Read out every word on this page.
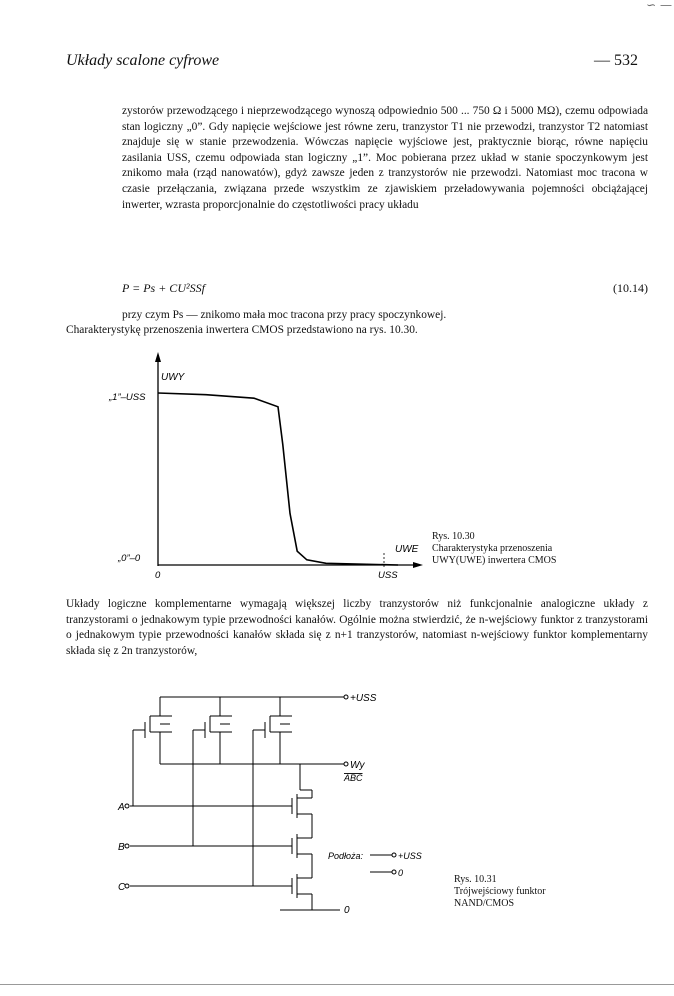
∽ —
Układy scalone cyfrowe	— 532

zystorów przewodzącego i nieprzewodzącego wynoszą odpowiednio 500 ... 750 Ω i 5000 MΩ), czemu odpowiada stan logiczny „0”. Gdy napięcie wejściowe jest równe zeru, tranzystor T1 nie przewodzi, tranzystor T2 natomiast znajduje się w stanie przewodzenia. Wówczas napięcie wyjściowe jest, praktycznie biorąc, równe napięciu zasilania USS, czemu odpowiada stan logiczny „1”. Moc pobierana przez układ w stanie spoczynkowym jest znikomo mała (rząd nanowatów), gdyż zawsze jeden z tranzystorów nie przewodzi. Natomiast moc tracona w czasie przełączania, związana przede wszystkim ze zjawiskiem przeładowywania pojemności obciążającej inwerter, wzrasta proporcjonalnie do częstotliwości pracy układu

P = Ps + CU²SSf	(10.14)

przy czym Ps — znikomo mała moc tracona przy pracy spoczynkowej.

Charakterystykę przenoszenia inwertera CMOS przedstawiono na rys. 10.30.

UWY
„1”–USS
„0”–0
0
UWE
USS
Rys. 10.30
Charakterystyka przenoszenia
UWY(UWE) inwertera CMOS

Układy logiczne komplementarne wymagają większej liczby tranzystorów niż funkcjonalnie analogiczne układy z tranzystorami o jednakowym typie przewodności kanałów. Ogólnie można stwierdzić, że n-wejściowy funktor z tranzystorami o jednakowym typie przewodności kanałów składa się z n+1 tranzystorów, natomiast n-wejściowy funktor komplementarny składa się z 2n tranzystorów,

+USS
Wy
ABC
A
B
C
0
Podłoża:	+USS
0
Rys. 10.31
Trójwejściowy funktor
NAND/CMOS
